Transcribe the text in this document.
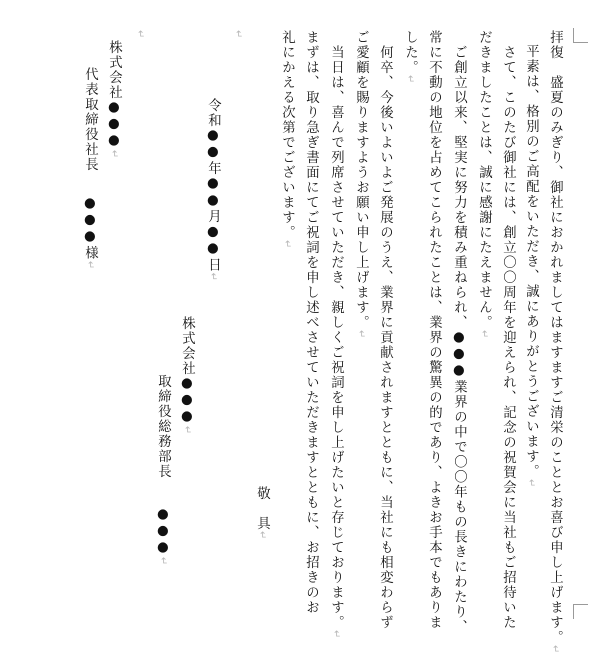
拝復　盛夏のみぎり、御社におかれましてはますますご清栄のこととお喜び申し上げます。↵
平素は、格別のご高配をいただき、誠にありがとうございます。↵
　さて、このたび御社には、創立〇〇周年を迎えられ、記念の祝賀会に当社もご招待いた
だきましたことは、誠に感謝にたえません。↵
　ご創立以来、堅実に努力を積み重ねられ、●●●業界の中で〇〇年もの長きにわたり、
常に不動の地位を占めてこられたことは、業界の驚異の的であり、よきお手本でもありま
した。↵
　何卒、今後いよいよご発展のうえ、業界に貢献されますとともに、当社にも相変わらず
ご愛顧を賜りますようお願い申し上げます。↵
　当日は、喜んで列席させていただき、親しくご祝詞を申し上げたいと存じております。↵
まずは、取り急ぎ書面にてご祝詞を申し述べさせていただきますとともに、お招きのお
礼にかえる次第でございます。↵
敬　具↵
↵
↵
株式会社●●●↵
取締役総務部長●●●↵
令和●●年●●月●●日↵
株式会社●●●↵
代表取締役社長●●●様↵
